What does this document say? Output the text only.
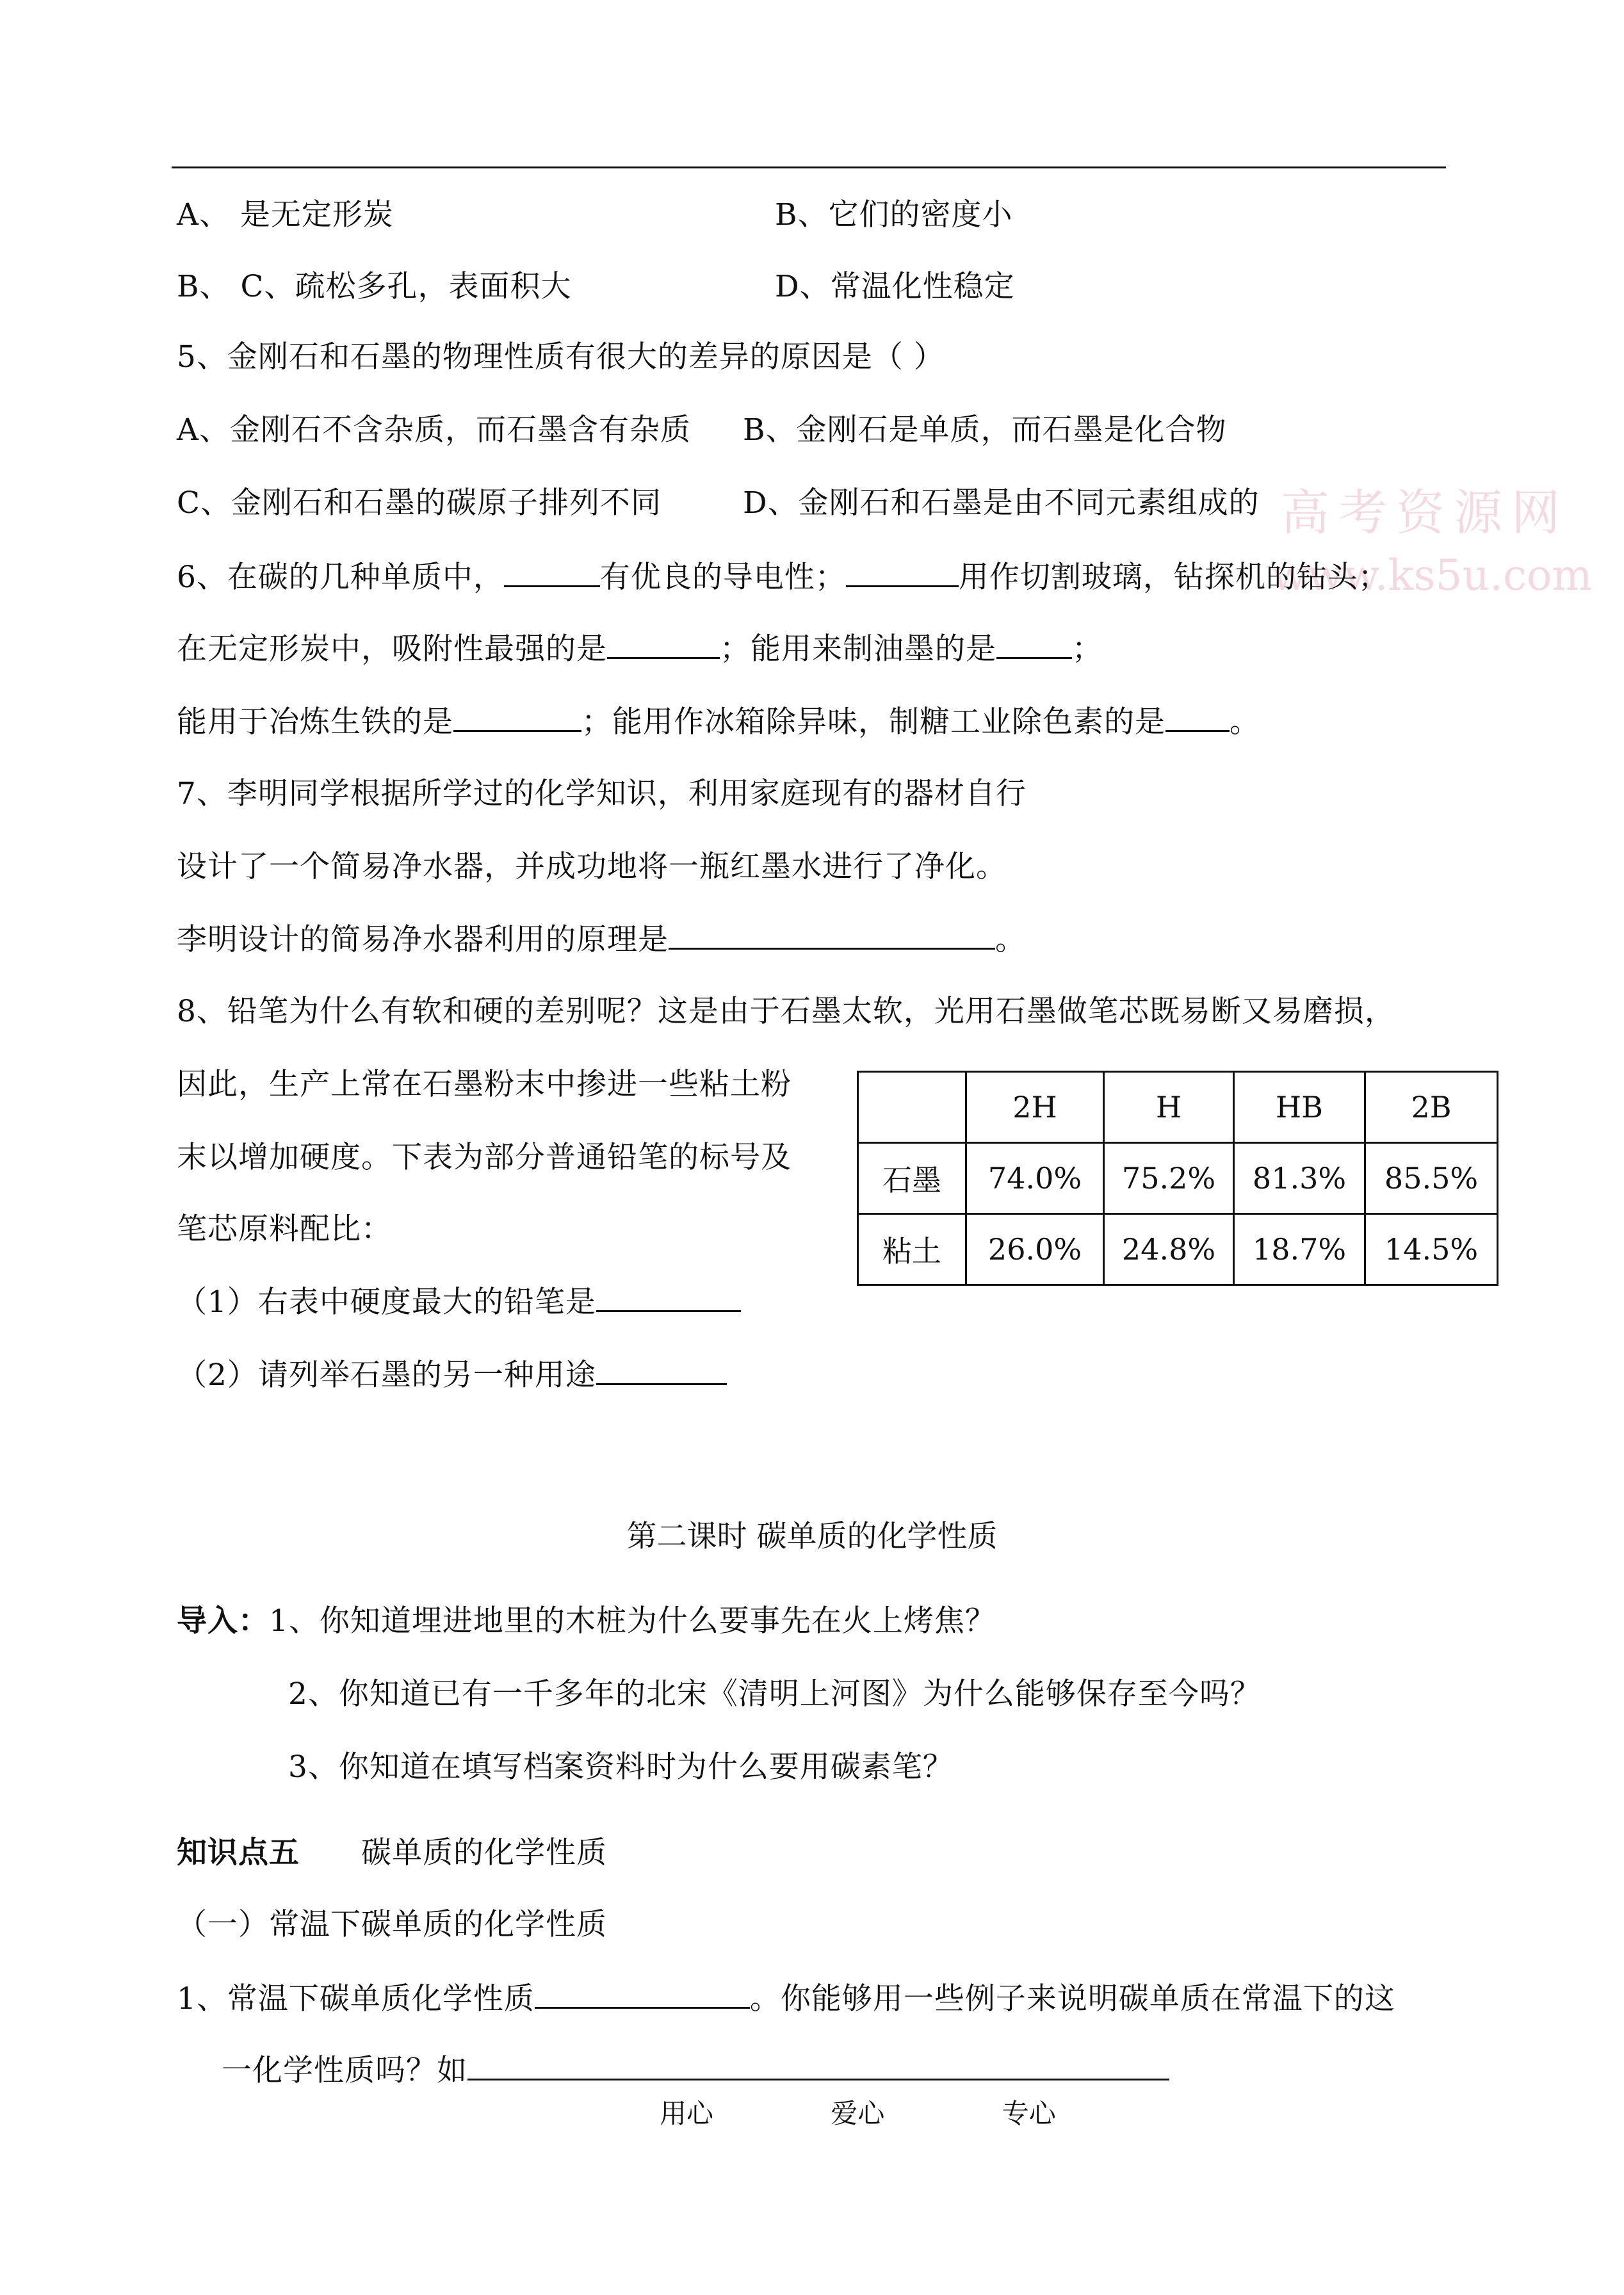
A、 是无定形炭	B、它们的密度小
B、 C、疏松多孔，表面积大	D、常温化性稳定
5、金刚石和石墨的物理性质有很大的差异的原因是（ ）
A、金刚石不含杂质，而石墨含有杂质 B、金刚石是单质，而石墨是化合物
C、金刚石和石墨的碳原子排列不同	D、金刚石和石墨是由不同元素组成的 高考资源网
www.ks5u.com
6、在碳的几种单质中，	有优良的导电性；	用作切割玻璃，钻探机的钻头；
在无定形炭中，吸附性最强的是	；能用来制油墨的是	；
能用于冶炼生铁的是	；能用作冰箱除异味，制糖工业除色素的是 。
7、李明同学根据所学过的化学知识，利用家庭现有的器材自行
设计了一个简易净水器，并成功地将一瓶红墨水进行了净化。
李明设计的简易净水器利用的原理是	。
8、铅笔为什么有软和硬的差别呢？这是由于石墨太软，光用石墨做笔芯既易断又易磨损，
因此，生产上常在石墨粉末中掺进一些粘土粉
末以增加硬度。下表为部分普通铅笔的标号及
笔芯原料配比：
	2H	H	HB	2B
石墨	74.0%	75.2%	81.3%	85.5%
粘土	26.0%	24.8%	18.7%	14.5%
（1）右表中硬度最大的铅笔是
（2）请列举石墨的另一种用途
第二课时 碳单质的化学性质
导入：1、你知道埋进地里的木桩为什么要事先在火上烤焦？
2、你知道已有一千多年的北宋《清明上河图》为什么能够保存至今吗？
3、你知道在填写档案资料时为什么要用碳素笔？
知识点五 碳单质的化学性质
（一）常温下碳单质的化学性质
1、常温下碳单质化学性质	。你能够用一些例子来说明碳单质在常温下的这
一化学性质吗？如
用心	爱心	专心
